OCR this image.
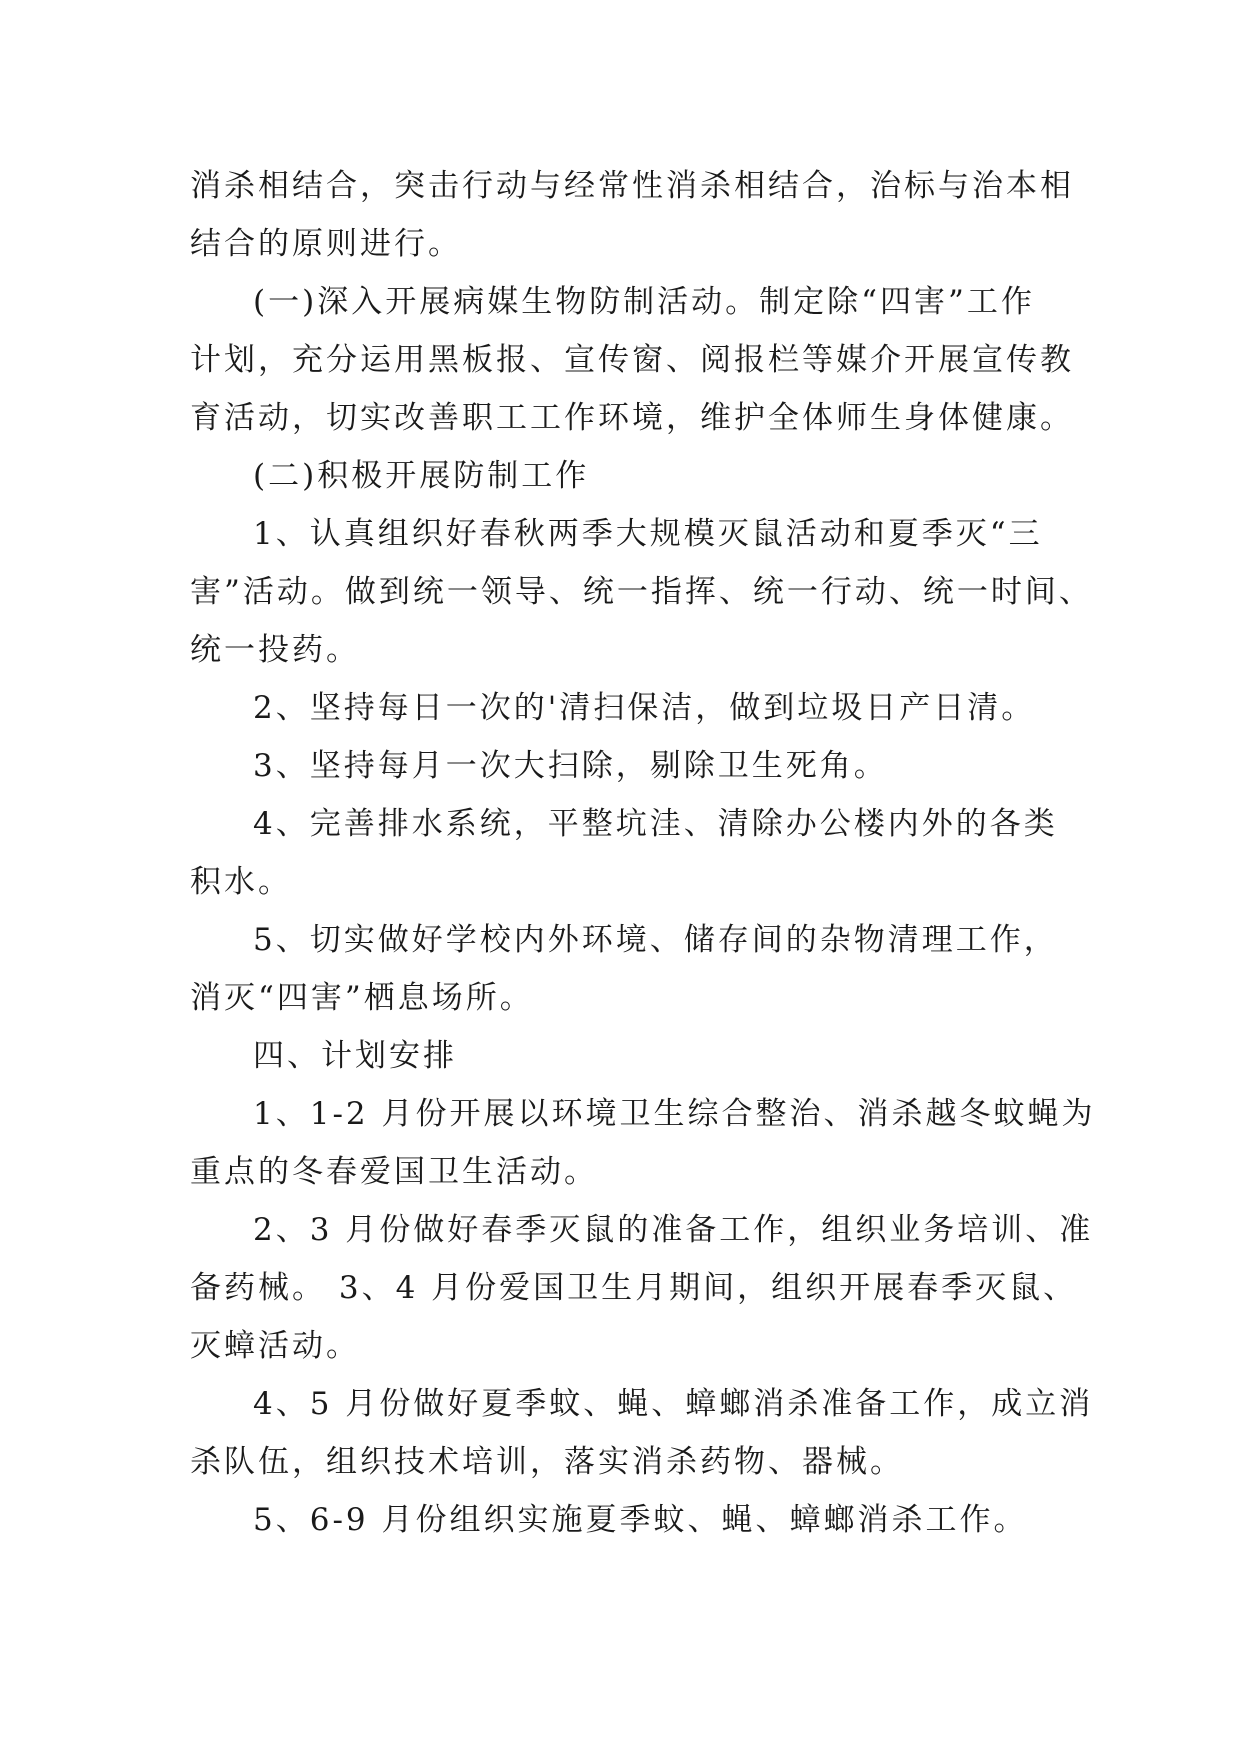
消杀相结合，突击行动与经常性消杀相结合，治标与治本相
结合的原则进行。
(一)深入开展病媒生物防制活动。制定除“四害”工作
计划，充分运用黑板报、宣传窗、阅报栏等媒介开展宣传教
育活动，切实改善职工工作环境，维护全体师生身体健康。
(二)积极开展防制工作
1、认真组织好春秋两季大规模灭鼠活动和夏季灭“三
害”活动。做到统一领导、统一指挥、统一行动、统一时间、
统一投药。
2、坚持每日一次的'清扫保洁，做到垃圾日产日清。
3、坚持每月一次大扫除，剔除卫生死角。
4、完善排水系统，平整坑洼、清除办公楼内外的各类
积水。
5、切实做好学校内外环境、储存间的杂物清理工作，
消灭“四害”栖息场所。
四、计划安排
1、1-2 月份开展以环境卫生综合整治、消杀越冬蚊蝇为
重点的冬春爱国卫生活动。
2、3 月份做好春季灭鼠的准备工作，组织业务培训、准
备药械。 3、4 月份爱国卫生月期间，组织开展春季灭鼠、
灭蟑活动。
4、5 月份做好夏季蚊、蝇、蟑螂消杀准备工作，成立消
杀队伍，组织技术培训，落实消杀药物、器械。
5、6-9 月份组织实施夏季蚊、蝇、蟑螂消杀工作。
